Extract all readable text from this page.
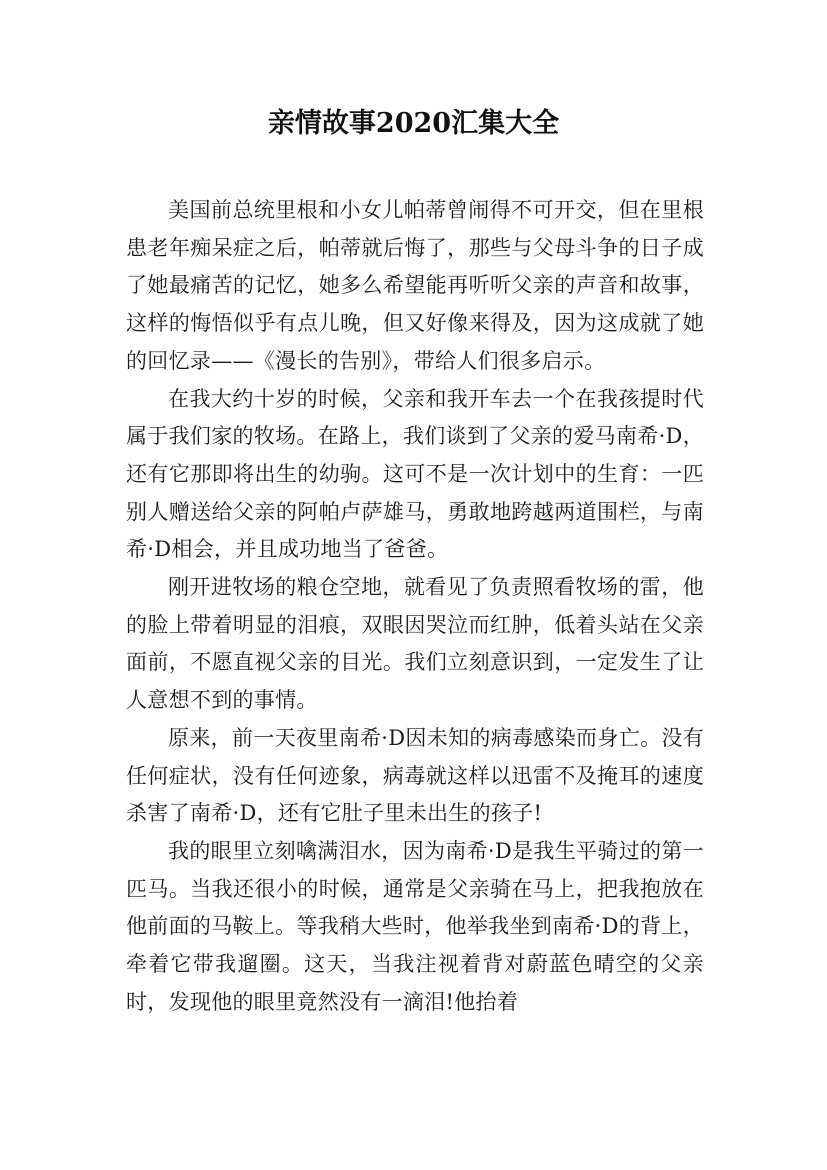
亲情故事2020汇集大全

美国前总统里根和小女儿帕蒂曾闹得不可开交，但在里根患老年痴呆症之后，帕蒂就后悔了，那些与父母斗争的日子成了她最痛苦的记忆，她多么希望能再听听父亲的声音和故事，这样的悔悟似乎有点儿晚，但又好像来得及，因为这成就了她的回忆录——《漫长的告别》，带给人们很多启示。

在我大约十岁的时候，父亲和我开车去一个在我孩提时代属于我们家的牧场。在路上，我们谈到了父亲的爱马南希·D，还有它那即将出生的幼驹。这可不是一次计划中的生育：一匹别人赠送给父亲的阿帕卢萨雄马，勇敢地跨越两道围栏，与南希·D相会，并且成功地当了爸爸。

刚开进牧场的粮仓空地，就看见了负责照看牧场的雷，他的脸上带着明显的泪痕，双眼因哭泣而红肿，低着头站在父亲面前，不愿直视父亲的目光。我们立刻意识到，一定发生了让人意想不到的事情。

原来，前一天夜里南希·D因未知的病毒感染而身亡。没有任何症状，没有任何迹象，病毒就这样以迅雷不及掩耳的速度杀害了南希·D，还有它肚子里未出生的孩子!

我的眼里立刻噙满泪水，因为南希·D是我生平骑过的第一匹马。当我还很小的时候，通常是父亲骑在马上，把我抱放在他前面的马鞍上。等我稍大些时，他举我坐到南希·D的背上，牵着它带我遛圈。这天，当我注视着背对蔚蓝色晴空的父亲时，发现他的眼里竟然没有一滴泪!他抬着
